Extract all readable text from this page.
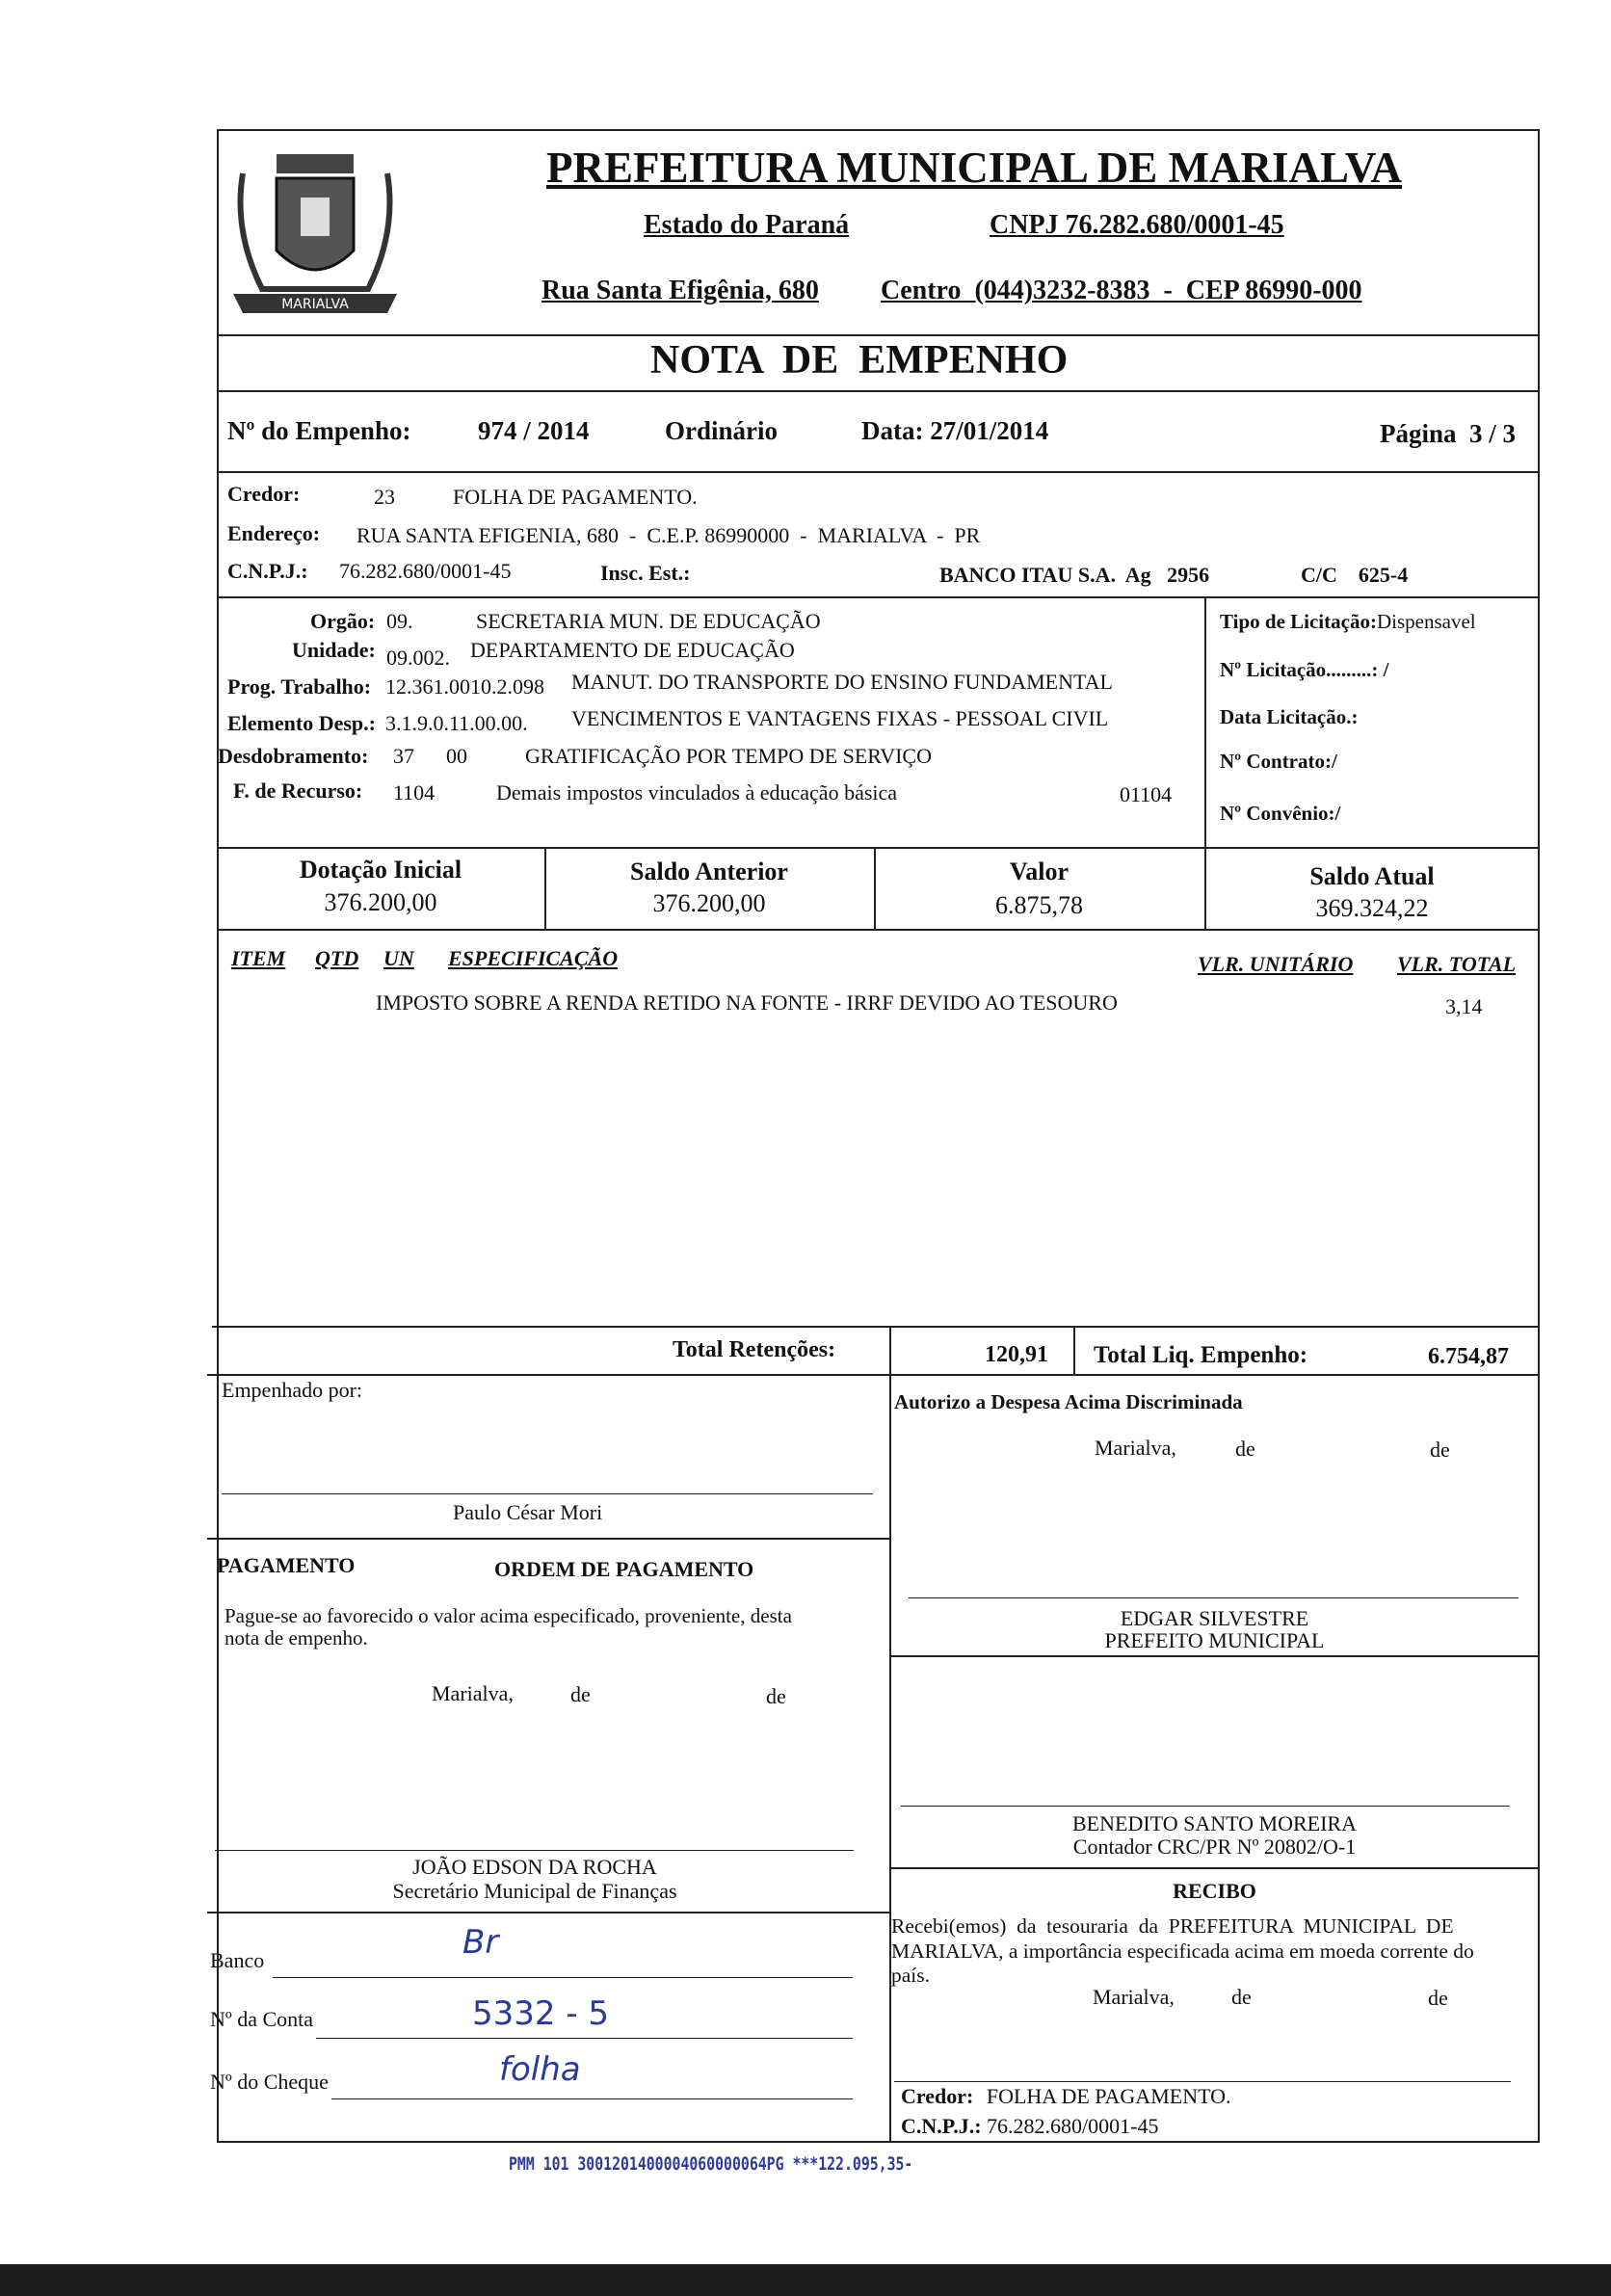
MARIALVA
PREFEITURA MUNICIPAL DE MARIALVA
Estado do Paraná	CNPJ 76.282.680/0001-45
Rua Santa Efigênia, 680 Centro  (044)3232-8383  -  CEP 86990-000
NOTA  DE  EMPENHO
Nº do Empenho:	974 / 2014	Ordinário	Data: 27/01/2014	Página  3 / 3
Credor:	23	FOLHA DE PAGAMENTO.
Endereço: RUA SANTA EFIGENIA, 680  -  C.E.P. 86990000  -  MARIALVA  -  PR
C.N.P.J.: 76.282.680/0001-45	Insc. Est.:	BANCO ITAU S.A.  Ag   2956	C/C    625-4
Orgão: 09.	SECRETARIA MUN. DE EDUCAÇÃO
Unidade: 09.002. DEPARTAMENTO DE EDUCAÇÃO
Prog. Trabalho: 12.361.0010.2.098 MANUT. DO TRANSPORTE DO ENSINO FUNDAMENTAL
Elemento Desp.: 3.1.9.0.11.00.00. VENCIMENTOS E VANTAGENS FIXAS - PESSOAL CIVIL
Desdobramento: 37      00	GRATIFICAÇÃO POR TEMPO DE SERVIÇO
F. de Recurso: 1104	Demais impostos vinculados à educação básica	01104
Tipo de Licitação:Dispensavel
Nº Licitação.........: /
Data Licitação.:
Nº Contrato:/
Nº Convênio:/
Dotação Inicial
376.200,00
Saldo Anterior
376.200,00
Valor
6.875,78
Saldo Atual
369.324,22
ITEM QTD UN ESPECIFICAÇÃO	VLR. UNITÁRIO VLR. TOTAL
IMPOSTO SOBRE A RENDA RETIDO NA FONTE - IRRF DEVIDO AO TESOURO	3,14
Total Retenções:	120,91 Total Liq. Empenho:	6.754,87
Empenhado por:
Paulo César Mori
PAGAMENTO	ORDEM DE PAGAMENTO
Pague-se ao favorecido o valor acima especificado, proveniente, desta
nota de empenho.
Marialva,	de	de
JOÃO EDSON DA ROCHA
Secretário Municipal de Finanças
Banco	Br
Nº da Conta	5332 - 5
Nº do Cheque	folha
Autorizo a Despesa Acima Discriminada
Marialva,	de	de
EDGAR SILVESTRE
PREFEITO MUNICIPAL
BENEDITO SANTO MOREIRA
Contador CRC/PR Nº 20802/O-1
RECIBO
Recebi(emos)  da  tesouraria  da  PREFEITURA  MUNICIPAL  DE
MARIALVA, a importância especificada acima em moeda corrente do
país.
Marialva,	de	de
Credor: FOLHA DE PAGAMENTO.
C.N.P.J.: 76.282.680/0001-45
PMM 101 3001201400004060000064PG ***122.095,35-
